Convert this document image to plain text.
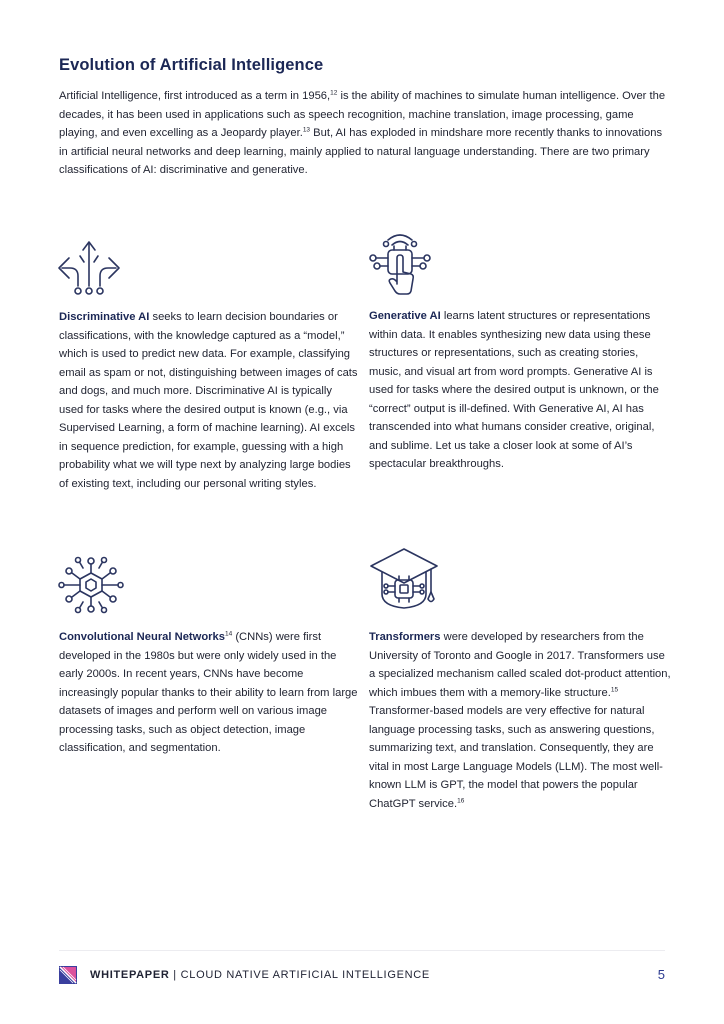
Evolution of Artificial Intelligence

Artificial Intelligence, first introduced as a term in 1956,12 is the ability of machines to simulate human intelligence. Over the decades, it has been used in applications such as speech recognition, machine translation, image processing, game playing, and even excelling as a Jeopardy player.$^{13}$ But, AI has exploded in mindshare more recently thanks to innovations in artificial neural networks and deep learning, mainly applied to natural language understanding. There are two primary classifications of AI: discriminative and generative.

Discriminative AI seeks to learn decision boundaries or classifications, with the knowledge captured as a “model,” which is used to predict new data. For example, classifying email as spam or not, distinguishing between images of cats and dogs, and much more. Discriminative AI is typically used for tasks where the desired output is known (e.g., via Supervised Learning, a form of machine learning). AI excels in sequence prediction, for example, guessing with a high probability what we will type next by analyzing large bodies of existing text, including our personal writing styles.

Generative AI learns latent structures or representations within data. It enables synthesizing new data using these structures or representations, such as creating stories, music, and visual art from word prompts. Generative AI is used for tasks where the desired output is unknown, or the “correct” output is ill-defined. With Generative AI, AI has transcended into what humans consider creative, original, and sublime. Let us take a closer look at some of AI’s spectacular breakthroughs.

Convolutional Neural Networks$^{14}$ (CNNs) were first developed in the 1980s but were only widely used in the early 2000s. In recent years, CNNs have become increasingly popular thanks to their ability to learn from large datasets of images and perform well on various image processing tasks, such as object detection, image classification, and segmentation.

Transformers were developed by researchers from the University of Toronto and Google in 2017. Transformers use a specialized mechanism called scaled dot-product attention, which imbues them with a memory-like structure.$^{15}$ Transformer-based models are very effective for natural language processing tasks, such as answering questions, summarizing text, and translation. Consequently, they are vital in most Large Language Models (LLM). The most well-known LLM is GPT, the model that powers the popular ChatGPT service.$^{16}$

WHITEPAPER | CLOUD NATIVE ARTIFICIAL INTELLIGENCE	5
